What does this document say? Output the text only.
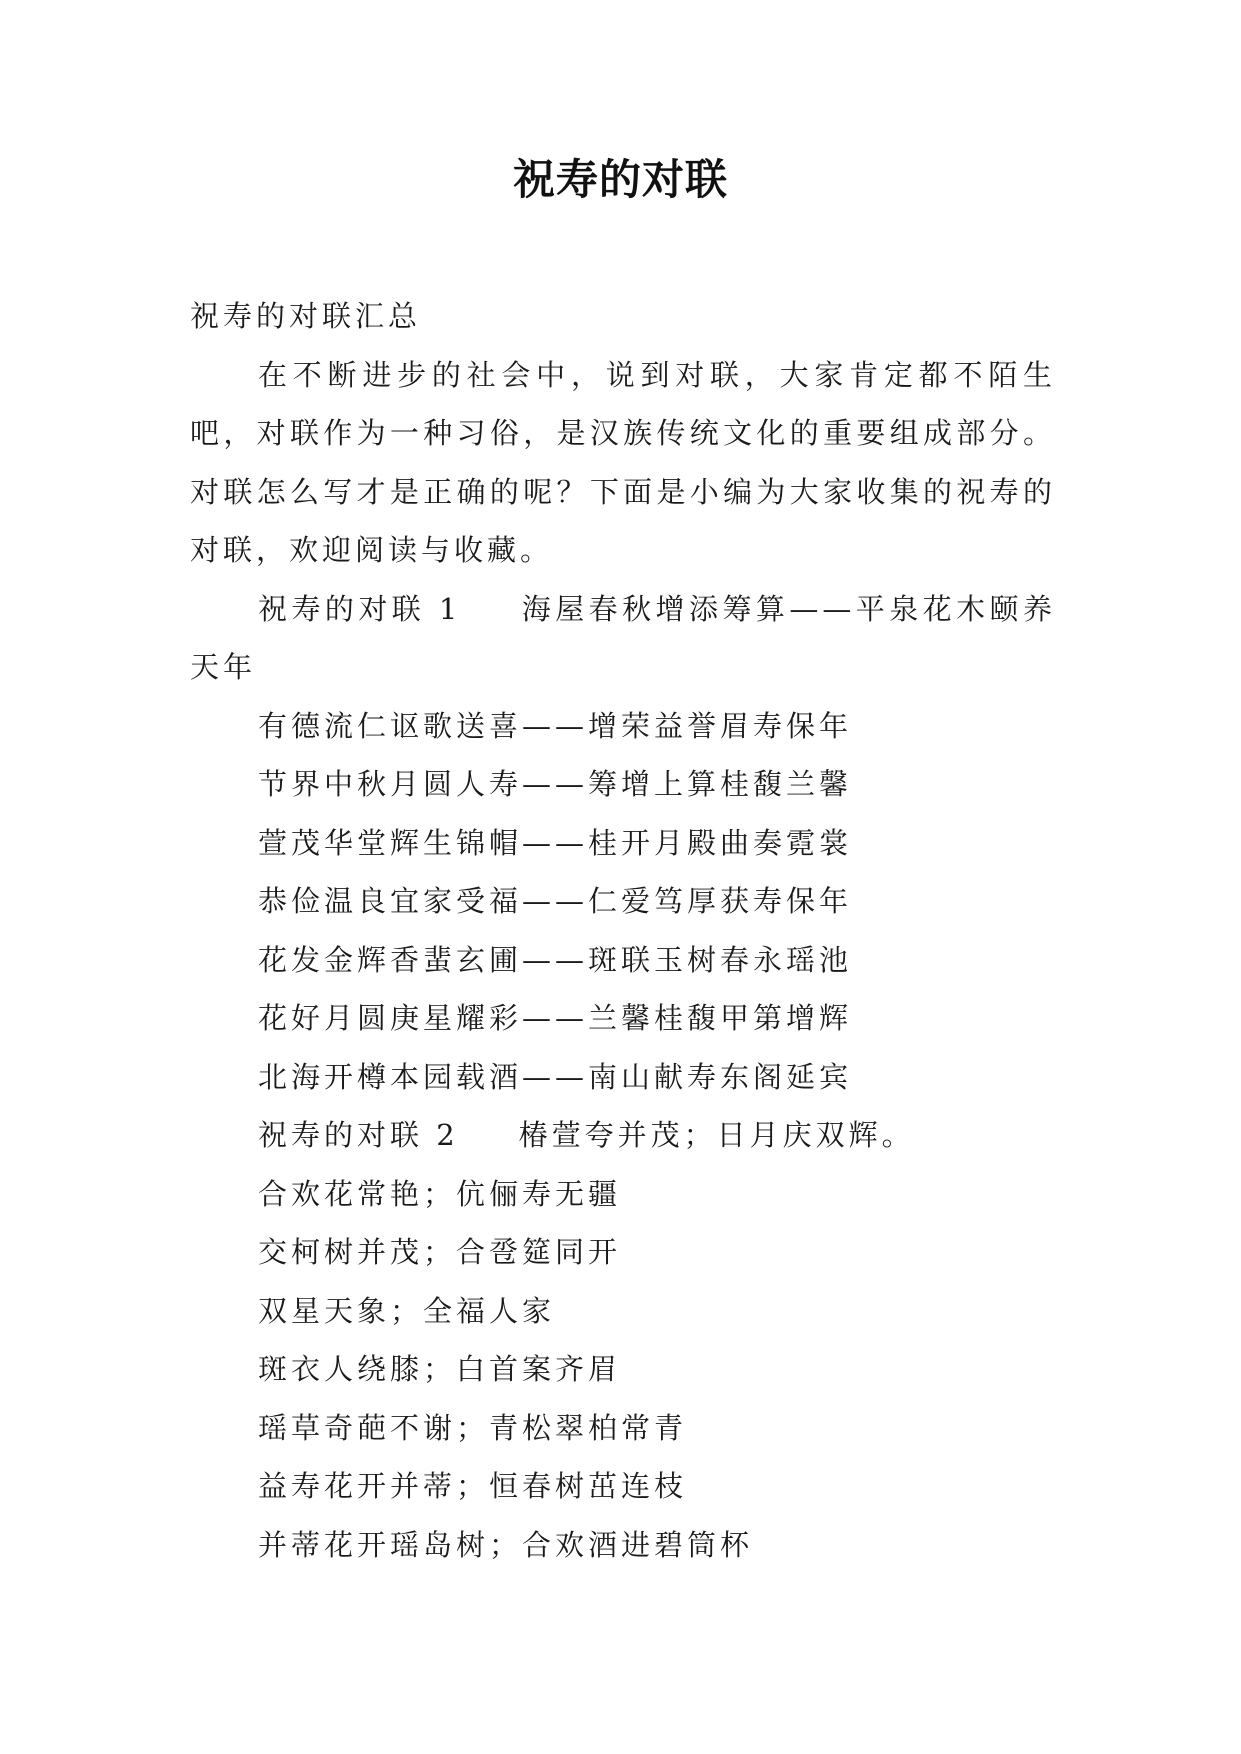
祝寿的对联
祝寿的对联汇总
在不断进步的社会中，说到对联，大家肯定都不陌生吧，对联作为一种习俗，是汉族传统文化的重要组成部分。对联怎么写才是正确的呢？下面是小编为大家收集的祝寿的对联，欢迎阅读与收藏。
祝寿的对联 1 海屋春秋增添筹算——平泉花木颐养天年
有德流仁讴歌送喜——增荣益誉眉寿保年
节界中秋月圆人寿——筹增上算桂馥兰馨
萱茂华堂辉生锦帽——桂开月殿曲奏霓裳
恭俭温良宜家受福——仁爱笃厚获寿保年
花发金辉香蜚玄圃——斑联玉树春永瑶池
花好月圆庚星耀彩——兰馨桂馥甲第增辉
北海开樽本园载酒——南山献寿东阁延宾
祝寿的对联 2 椿萱夸并茂；日月庆双辉。
合欢花常艳；伉俪寿无疆
交柯树并茂；合卺筵同开
双星天象；全福人家
斑衣人绕膝；白首案齐眉
瑶草奇葩不谢；青松翠柏常青
益寿花开并蒂；恒春树茁连枝
并蒂花开瑶岛树；合欢酒进碧筒杯
